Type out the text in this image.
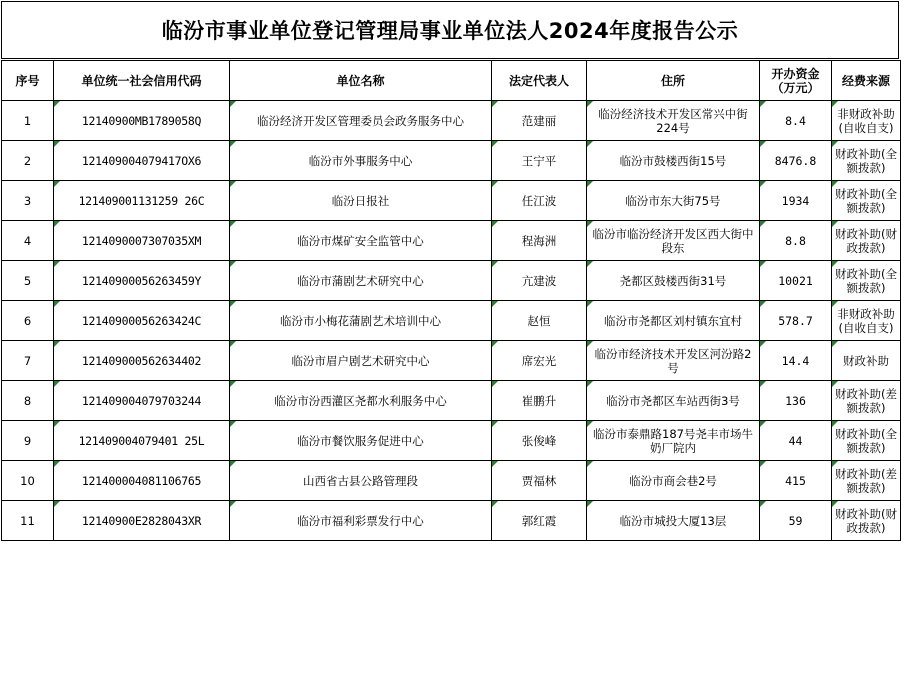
临汾市事业单位登记管理局事业单位法人2024年度报告公示
序号	单位统一社会信用代码	单位名称	法定代表人	住所	开办资金（万元）	经费来源
1	12140900MB1789058Q	临汾经济开发区管理委员会政务服务中心	范建丽	临汾经济技术开发区常兴中街224号	8.4	非财政补助(自收自支)
2	121409004079417OX6	临汾市外事服务中心	王宁平	临汾市鼓楼西街15号	8476.8	财政补助(全额拨款)
3	121409001131259 26C	临汾日报社	任江波	临汾市东大街75号	1934	财政补助(全额拨款)
4	1214090007307035XM	临汾市煤矿安全监管中心	程海洲	临汾市临汾经济开发区西大街中段东	8.8	财政补助(财政拨款)
5	12140900056263459Y	临汾市蒲剧艺术研究中心	亢建波	尧都区鼓楼西街31号	10021	财政补助(全额拨款)
6	12140900056263424C	临汾市小梅花蒲剧艺术培训中心	赵恒	临汾市尧都区刘村镇东宜村	578.7	非财政补助(自收自支)
7	121409000562634402	临汾市眉户剧艺术研究中心	席宏光	临汾市经济技术开发区河汾路2号	14.4	财政补助
8	121409004079703244	临汾市汾西灌区尧都水利服务中心	崔鹏升	临汾市尧都区车站西街3号	136	财政补助(差额拨款)
9	121409004079401 25L	临汾市餐饮服务促进中心	张俊峰	临汾市泰鼎路187号尧丰市场牛奶厂院内	44	财政补助(全额拨款)
10	121400004081106765	山西省古县公路管理段	贾福林	临汾市商会巷2号	415	财政补助(差额拨款)
11	12140900E2828043XR	临汾市福利彩票发行中心	郭红霞	临汾市城投大厦13层	59	财政补助(财政拨款)
